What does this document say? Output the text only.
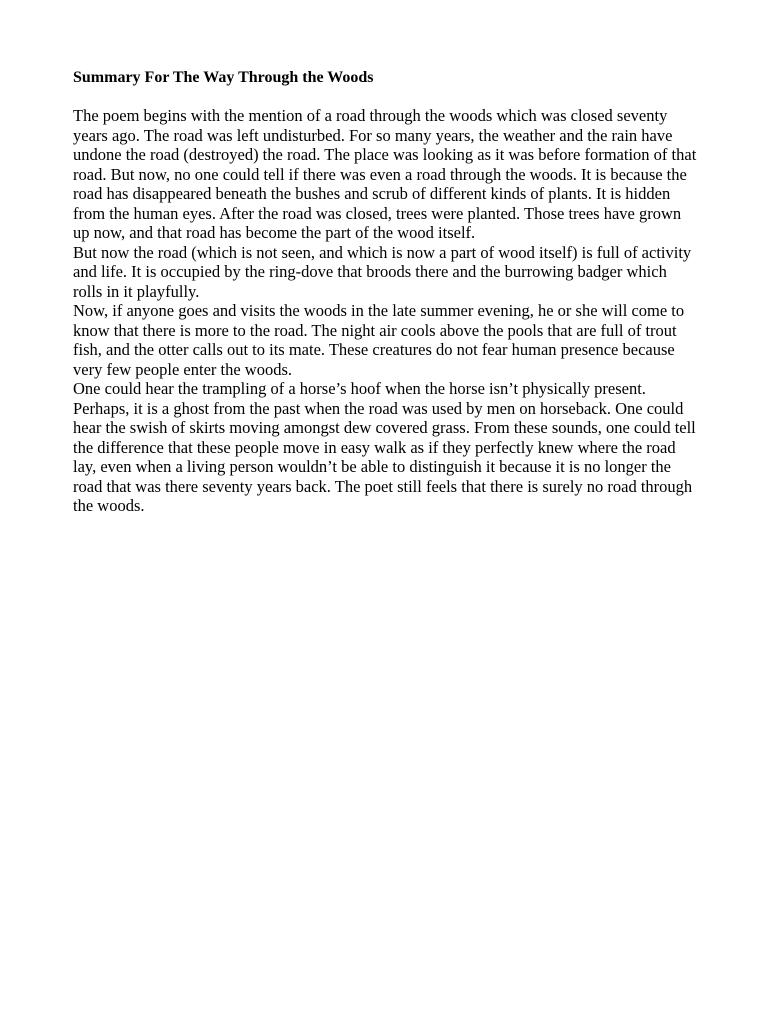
Summary For The Way Through the Woods

The poem begins with the mention of a road through the woods which was closed seventy years ago. The road was left undisturbed. For so many years, the weather and the rain have undone the road (destroyed) the road. The place was looking as it was before formation of that road. But now, no one could tell if there was even a road through the woods. It is because the road has disappeared beneath the bushes and scrub of different kinds of plants. It is hidden from the human eyes. After the road was closed, trees were planted. Those trees have grown up now, and that road has become the part of the wood itself.

But now the road (which is not seen, and which is now a part of wood itself) is full of activity and life. It is occupied by the ring-dove that broods there and the burrowing badger which rolls in it playfully.

Now, if anyone goes and visits the woods in the late summer evening, he or she will come to know that there is more to the road. The night air cools above the pools that are full of trout fish, and the otter calls out to its mate. These creatures do not fear human presence because very few people enter the woods.

One could hear the trampling of a horse’s hoof when the horse isn’t physically present. Perhaps, it is a ghost from the past when the road was used by men on horseback. One could hear the swish of skirts moving amongst dew covered grass. From these sounds, one could tell the difference that these people move in easy walk as if they perfectly knew where the road lay, even when a living person wouldn’t be able to distinguish it because it is no longer the road that was there seventy years back. The poet still feels that there is surely no road through the woods.
